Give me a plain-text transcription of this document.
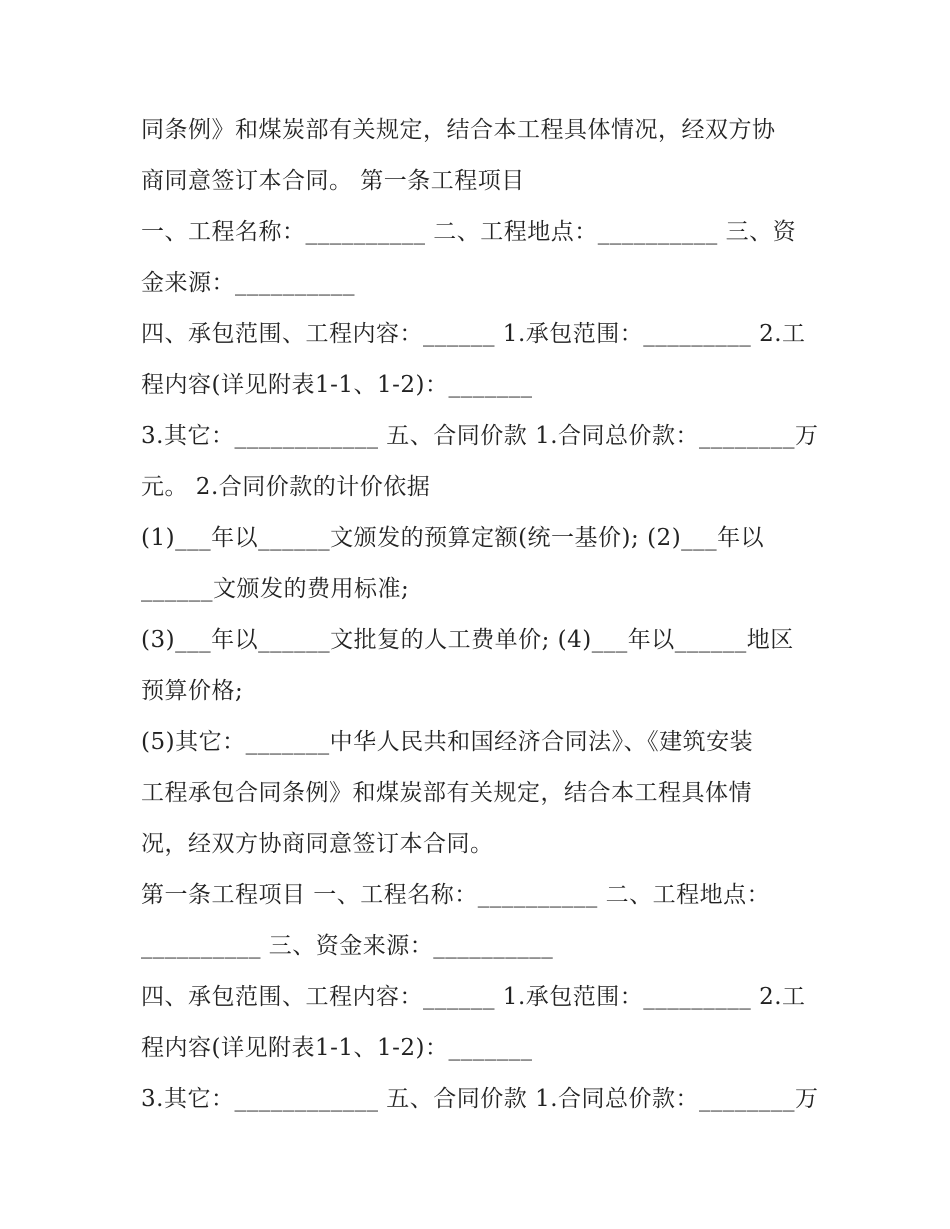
同条例》和煤炭部有关规定，结合本工程具体情况，经双方协
商同意签订本合同。 第一条工程项目
一、工程名称：__________ 二、工程地点：__________ 三、资
金来源：__________
四、承包范围、工程内容：______ 1.承包范围：_________ 2.工
程内容(详见附表1-1、1-2)：_______
3.其它：____________ 五、合同价款 1.合同总价款：________万
元。 2.合同价款的计价依据
(1)___年以______文颁发的预算定额(统一基价); (2)___年以
______文颁发的费用标准;
(3)___年以______文批复的人工费单价; (4)___年以______地区
预算价格;
(5)其它：_______中华人民共和国经济合同法》、《建筑安装
工程承包合同条例》和煤炭部有关规定，结合本工程具体情
况，经双方协商同意签订本合同。
第一条工程项目 一、工程名称：__________ 二、工程地点：
__________ 三、资金来源：__________
四、承包范围、工程内容：______ 1.承包范围：_________ 2.工
程内容(详见附表1-1、1-2)：_______
3.其它：____________ 五、合同价款 1.合同总价款：________万
